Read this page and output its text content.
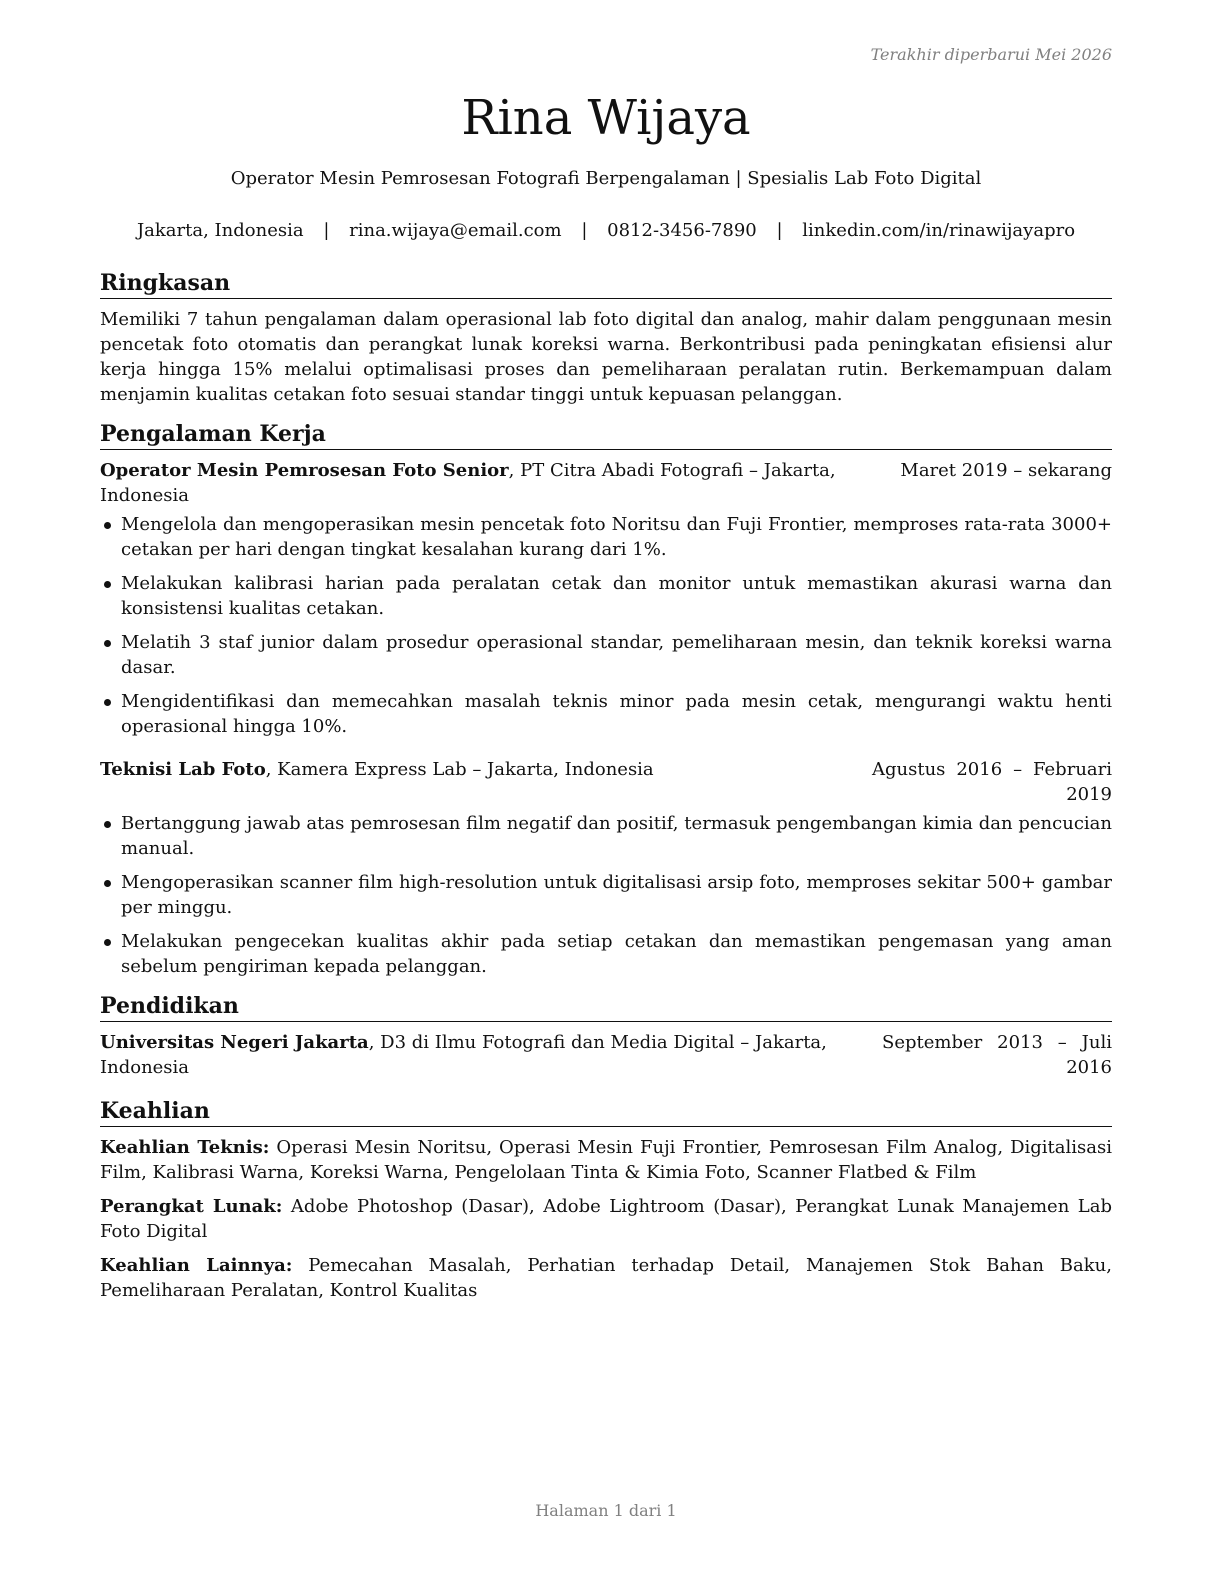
Terakhir diperbarui Mei 2026
Rina Wijaya
Operator Mesin Pemrosesan Fotografi Berpengalaman | Spesialis Lab Foto Digital
Jakarta, Indonesia | rina.wijaya@email.com | 0812-3456-7890 | linkedin.com/in/rinawijayapro
Ringkasan
Memiliki 7 tahun pengalaman dalam operasional lab foto digital dan analog, mahir dalam penggunaan mesin pencetak foto otomatis dan perangkat lunak koreksi warna. Berkontribusi pada peningkatan efisiensi alur kerja hingga 15% melalui optimalisasi proses dan pemeliharaan peralatan rutin. Berkemampuan dalam menjamin kualitas cetakan foto sesuai standar tinggi untuk kepuasan pelanggan.
Pengalaman Kerja
Operator Mesin Pemrosesan Foto Senior, PT Citra Abadi Fotografi – Jakarta, Indonesia
Maret 2019 – sekarang
Mengelola dan mengoperasikan mesin pencetak foto Noritsu dan Fuji Frontier, memproses rata-rata 3000+ cetakan per hari dengan tingkat kesalahan kurang dari 1%.
Melakukan kalibrasi harian pada peralatan cetak dan monitor untuk memastikan akurasi warna dan konsistensi kualitas cetakan.
Melatih 3 staf junior dalam prosedur operasional standar, pemeliharaan mesin, dan teknik koreksi warna dasar.
Mengidentifikasi dan memecahkan masalah teknis minor pada mesin cetak, mengurangi waktu henti operasional hingga 10%.
Teknisi Lab Foto, Kamera Express Lab – Jakarta, Indonesia	Agustus 2016 – Februari 2019
Bertanggung jawab atas pemrosesan film negatif dan positif, termasuk pengembangan kimia dan pencucian manual.
Mengoperasikan scanner film high-resolution untuk digitalisasi arsip foto, memproses sekitar 500+ gambar per minggu.
Melakukan pengecekan kualitas akhir pada setiap cetakan dan memastikan pengemasan yang aman sebelum pengiriman kepada pelanggan.
Pendidikan
Universitas Negeri Jakarta, D3 di Ilmu Fotografi dan Media Digital – Jakarta, Indonesia
September 2013 – Juli 2016
Keahlian
Keahlian Teknis: Operasi Mesin Noritsu, Operasi Mesin Fuji Frontier, Pemrosesan Film Analog, Digitalisasi Film, Kalibrasi Warna, Koreksi Warna, Pengelolaan Tinta & Kimia Foto, Scanner Flatbed & Film
Perangkat Lunak: Adobe Photoshop (Dasar), Adobe Lightroom (Dasar), Perangkat Lunak Manajemen Lab Foto Digital
Keahlian Lainnya: Pemecahan Masalah, Perhatian terhadap Detail, Manajemen Stok Bahan Baku, Pemeliharaan Peralatan, Kontrol Kualitas
Halaman 1 dari 1
